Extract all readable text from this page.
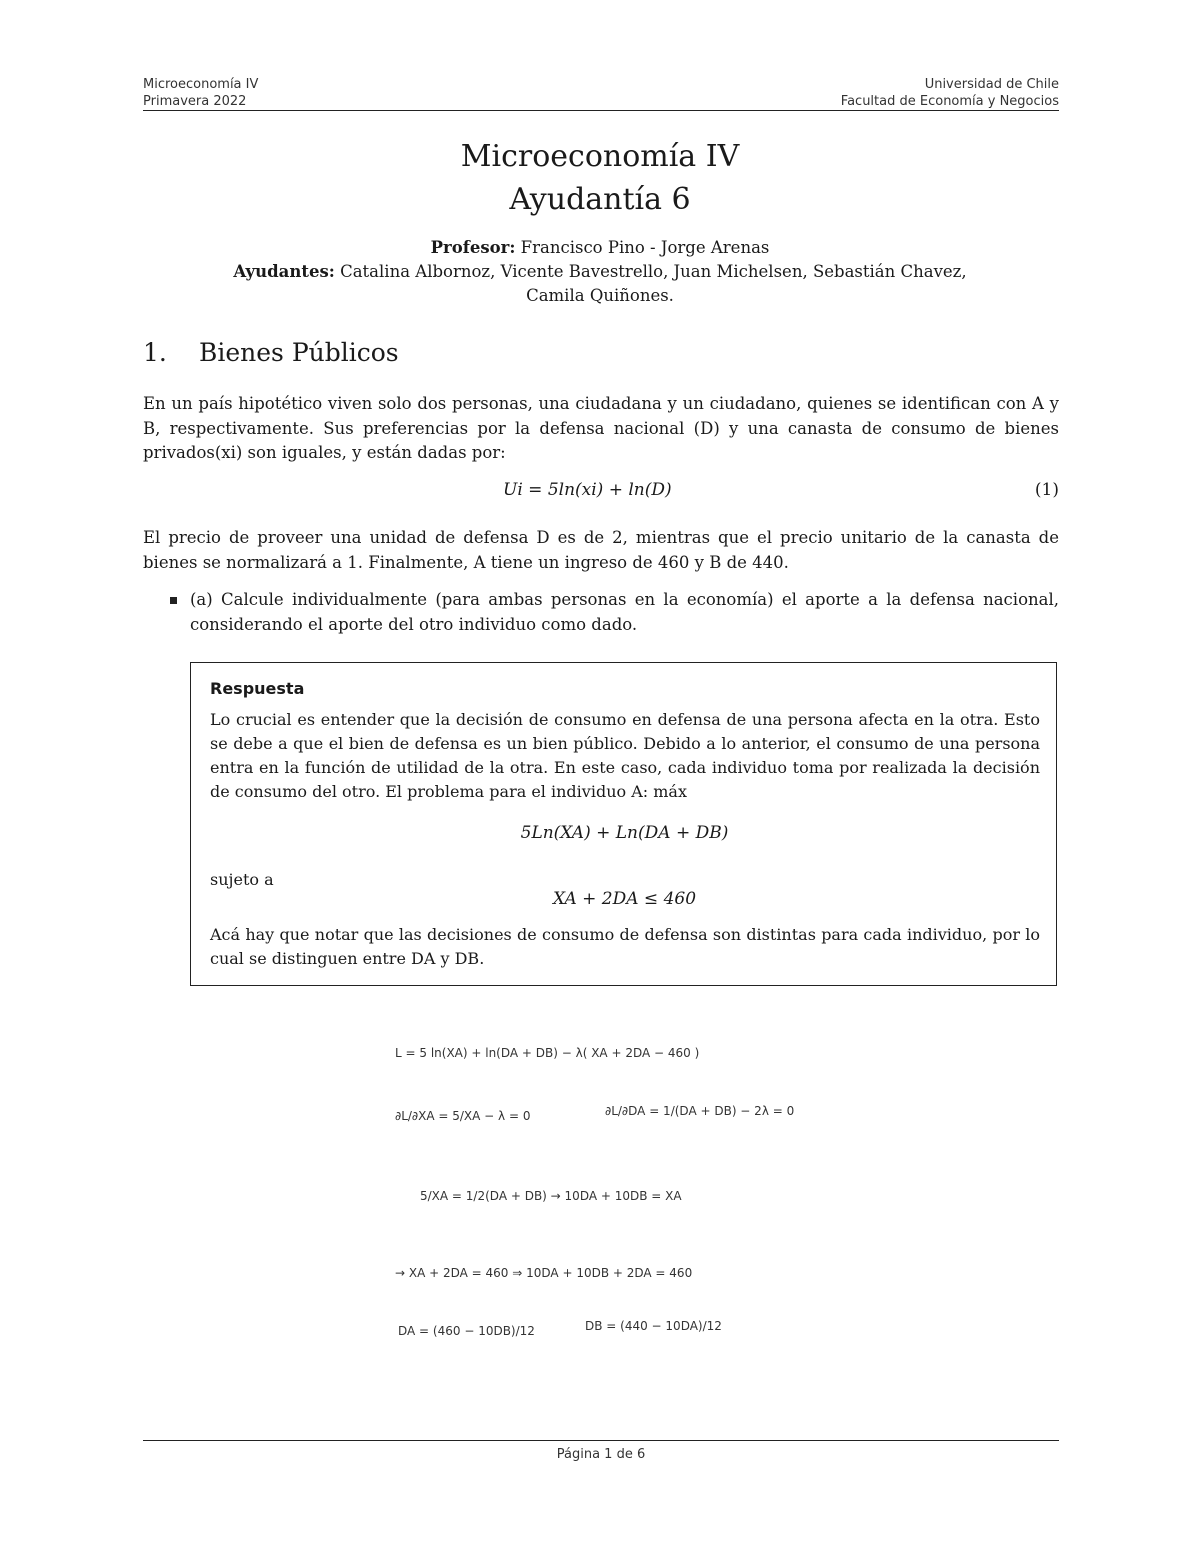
Microeconomía IV
Primavera 2022
Universidad de Chile
Facultad de Economía y Negocios
Microeconomía IV
Ayudantía 6
Profesor: Francisco Pino - Jorge Arenas
Ayudantes: Catalina Albornoz, Vicente Bavestrello, Juan Michelsen, Sebastián Chavez,
Camila Quiñones.
1. Bienes Públicos
En un país hipotético viven solo dos personas, una ciudadana y un ciudadano, quienes se identifican con A y B, respectivamente. Sus preferencias por la defensa nacional (D) y una canasta de consumo de bienes privados(xi) son iguales, y están dadas por:
Ui = 5ln(xi) + ln(D)	(1)
El precio de proveer una unidad de defensa D es de 2, mientras que el precio unitario de la canasta de bienes se normalizará a 1. Finalmente, A tiene un ingreso de 460 y B de 440.
(a) Calcule individualmente (para ambas personas en la economía) el aporte a la defensa nacional, considerando el aporte del otro individuo como dado.
Respuesta
Lo crucial es entender que la decisión de consumo en defensa de una persona afecta en la otra. Esto se debe a que el bien de defensa es un bien público. Debido a lo anterior, el consumo de una persona entra en la función de utilidad de la otra. En este caso, cada individuo toma por realizada la decisión de consumo del otro. El problema para el individuo A: máx
5Ln(XA) + Ln(DA + DB)
sujeto a
XA + 2DA ≤ 460
Acá hay que notar que las decisiones de consumo de defensa son distintas para cada individuo, por lo cual se distinguen entre DA y DB.
L = 5 ln(XA) + ln(DA + DB) − λ( XA + 2DA − 460 )
∂L/∂XA = 5/XA − λ = 0	∂L/∂DA = 1/(DA + DB) − 2λ = 0
5/XA = 1/2(DA + DB) → 10DA + 10DB = XA
→ XA + 2DA = 460 ⇒ 10DA + 10DB + 2DA = 460
DA = (460 − 10DB)/12	DB = (440 − 10DA)/12
Página 1 de 6
